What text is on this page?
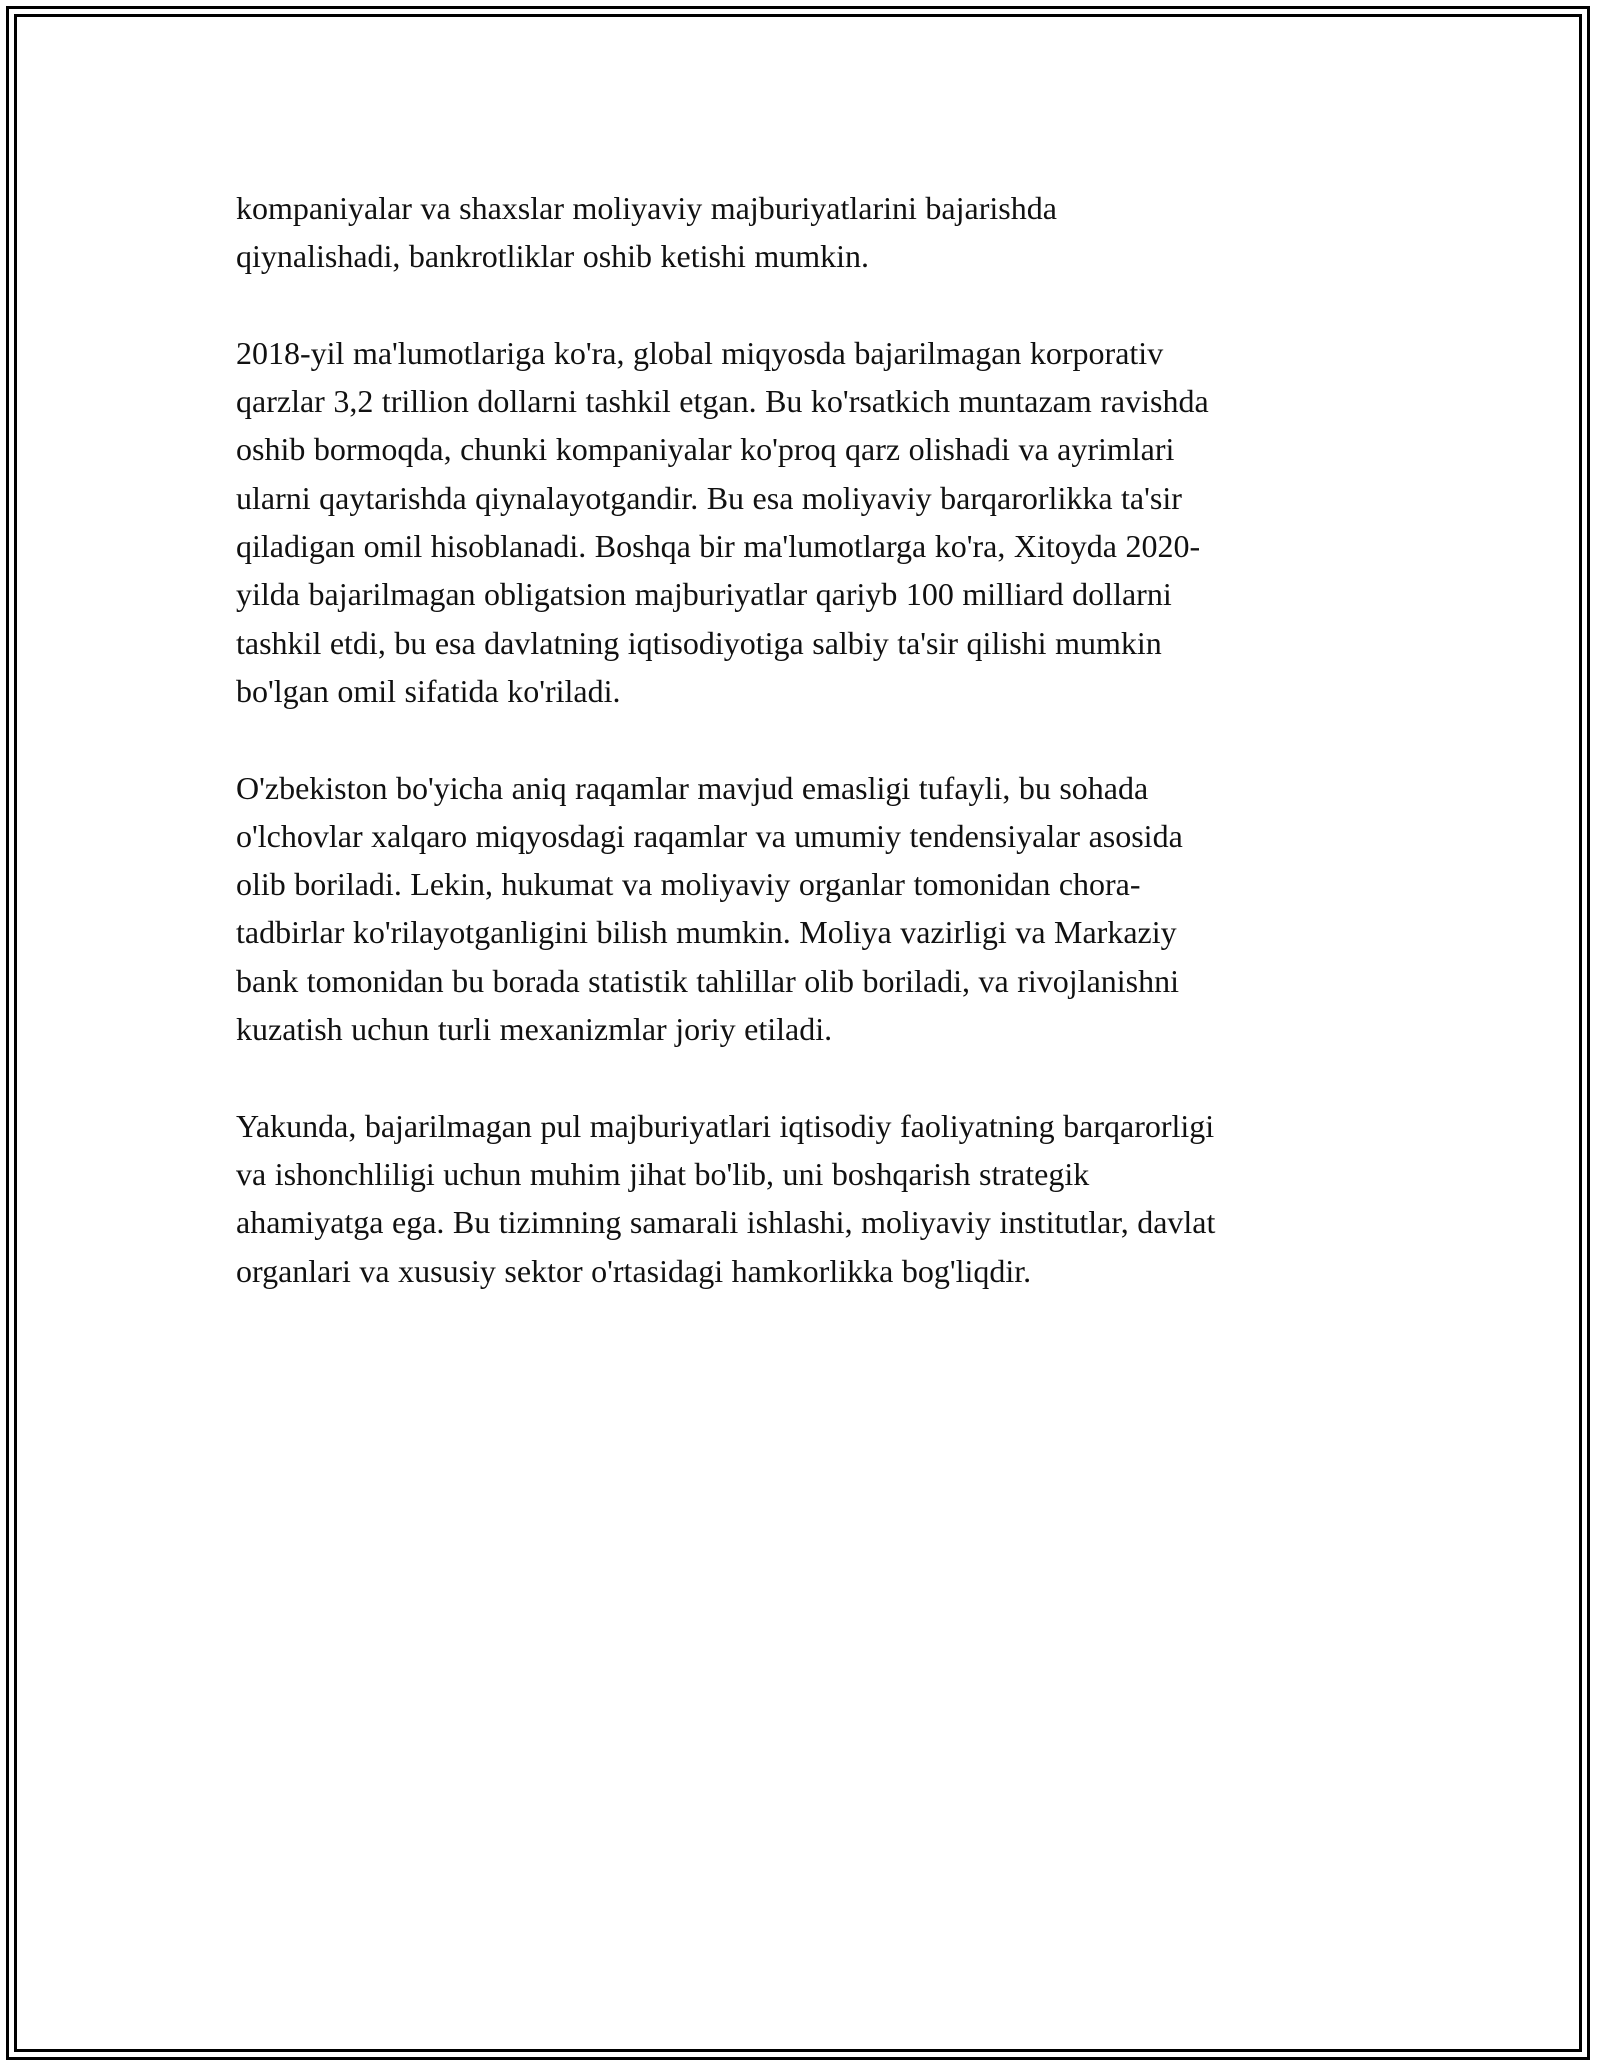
kompaniyalar va shaxslar moliyaviy majburiyatlarini bajarishda
qiynalishadi, bankrotliklar oshib ketishi mumkin.

2018-yil ma'lumotlariga ko'ra, global miqyosda bajarilmagan korporativ
qarzlar 3,2 trillion dollarni tashkil etgan. Bu ko'rsatkich muntazam ravishda
oshib bormoqda, chunki kompaniyalar ko'proq qarz olishadi va ayrimlari
ularni qaytarishda qiynalayotgandir. Bu esa moliyaviy barqarorlikka ta'sir
qiladigan omil hisoblanadi. Boshqa bir ma'lumotlarga ko'ra, Xitoyda 2020-
yilda bajarilmagan obligatsion majburiyatlar qariyb 100 milliard dollarni
tashkil etdi, bu esa davlatning iqtisodiyotiga salbiy ta'sir qilishi mumkin
bo'lgan omil sifatida ko'riladi.

O'zbekiston bo'yicha aniq raqamlar mavjud emasligi tufayli, bu sohada
o'lchovlar xalqaro miqyosdagi raqamlar va umumiy tendensiyalar asosida
olib boriladi. Lekin, hukumat va moliyaviy organlar tomonidan chora-
tadbirlar ko'rilayotganligini bilish mumkin. Moliya vazirligi va Markaziy
bank tomonidan bu borada statistik tahlillar olib boriladi, va rivojlanishni
kuzatish uchun turli mexanizmlar joriy etiladi.

Yakunda, bajarilmagan pul majburiyatlari iqtisodiy faoliyatning barqarorligi
va ishonchliligi uchun muhim jihat bo'lib, uni boshqarish strategik
ahamiyatga ega. Bu tizimning samarali ishlashi, moliyaviy institutlar, davlat
organlari va xususiy sektor o'rtasidagi hamkorlikka bog'liqdir.
